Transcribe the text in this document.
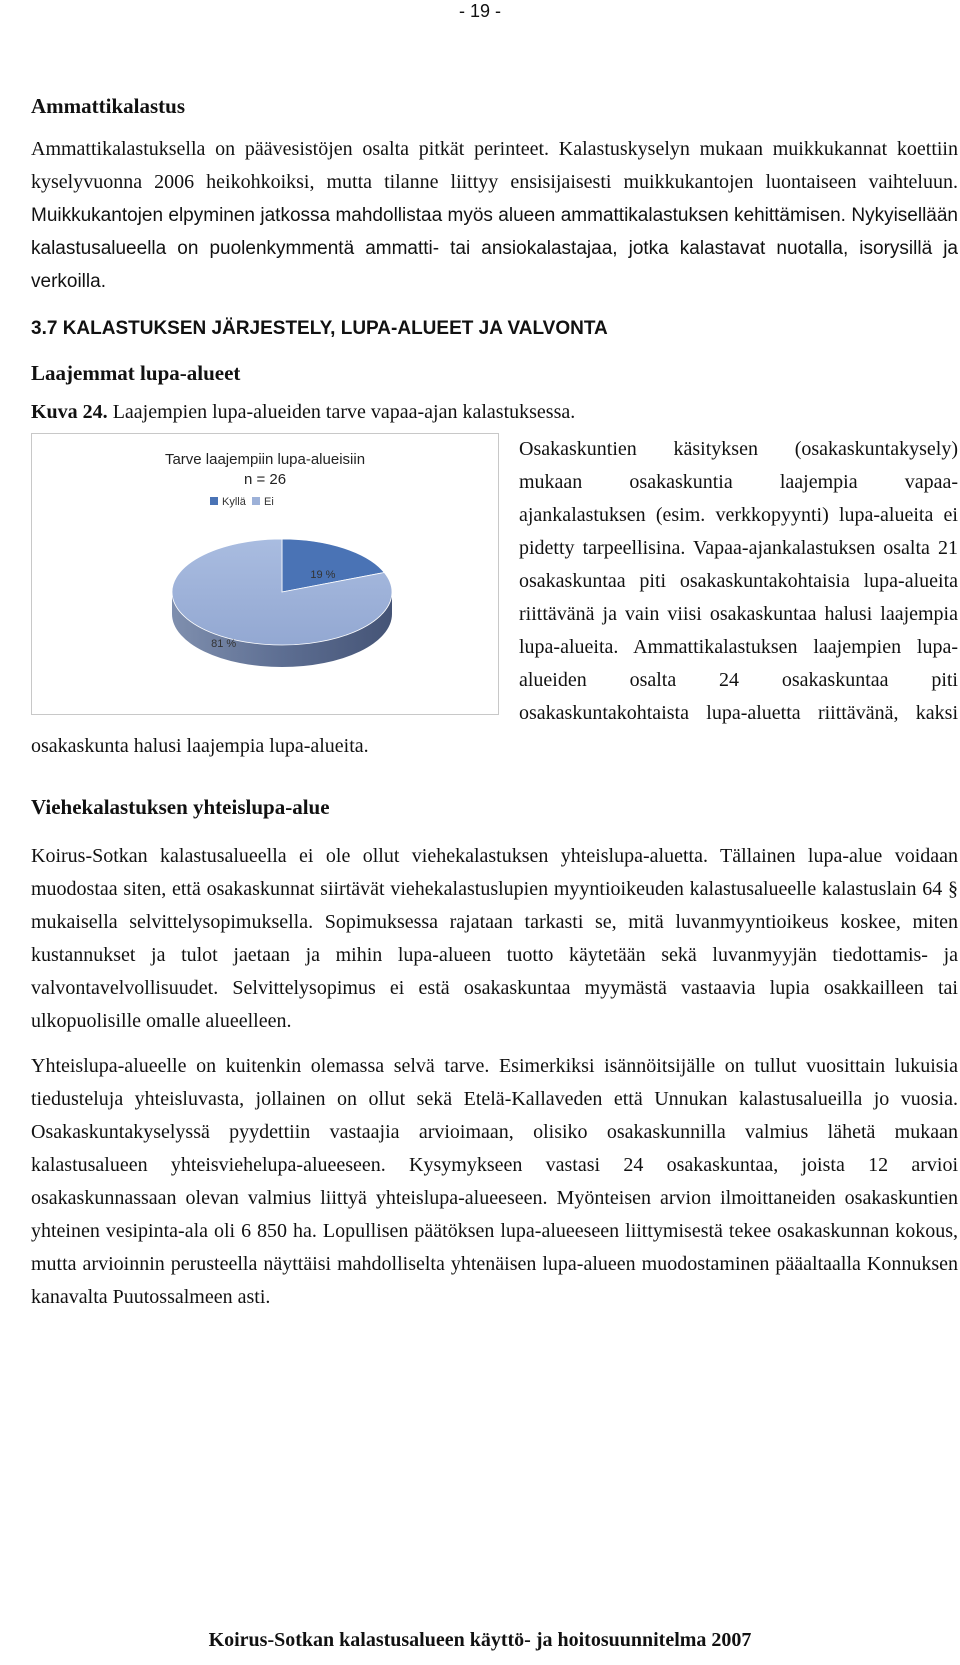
- 19 -
Ammattikalastus

Ammattikalastuksella on päävesistöjen osalta pitkät perinteet. Kalastuskyselyn mukaan muikkukannat koettiin kyselyvuonna 2006 heikohkoiksi, mutta tilanne liittyy ensisijaisesti muikkukantojen luontaiseen vaihteluun. Muikkukantojen elpyminen jatkossa mahdollistaa myös alueen ammattikalastuksen kehittämisen. Nykyisellään kalastusalueella on puolenkymmentä ammatti- tai ansiokalastajaa, jotka kalastavat nuotalla, isorysillä ja verkoilla.

3.7 KALASTUKSEN JÄRJESTELY, LUPA-ALUEET JA VALVONTA
Laajemmat lupa-alueet

Kuva 24. Laajempien lupa-alueiden tarve vapaa-ajan kalastuksessa.

Tarve laajempiin lupa-alueisiin
n = 26
Kyllä Ei
19 %
81 %

Osakaskuntien käsityksen (osakaskuntakysely) mukaan osakaskuntia laajempia vapaa-ajankalastuksen (esim. verkkopyynti) lupa-alueita ei pidetty tarpeellisina. Vapaa-ajankalastuksen osalta 21 osakaskuntaa piti osakaskuntakohtaisia lupa-alueita riittävänä ja vain viisi osakaskuntaa halusi laajempia lupa-alueita. Ammattikalastuksen laajempien lupa-alueiden osalta 24 osakaskuntaa piti osakaskuntakohtaista lupa-aluetta riittävänä, kaksi osakaskunta halusi laajempia lupa-alueita.

Viehekalastuksen yhteislupa-alue

Koirus-Sotkan kalastusalueella ei ole ollut viehekalastuksen yhteislupa-aluetta. Tällainen lupa-alue voidaan muodostaa siten, että osakaskunnat siirtävät viehekalastuslupien myyntioikeuden kalastusalueelle kalastuslain 64 § mukaisella selvittelysopimuksella. Sopimuksessa rajataan tarkasti se, mitä luvanmyyntioikeus koskee, miten kustannukset ja tulot jaetaan ja mihin lupa-alueen tuotto käytetään sekä luvanmyyjän tiedottamis- ja valvontavelvollisuudet. Selvittelysopimus ei estä osakaskuntaa myymästä vastaavia lupia osakkailleen tai ulkopuolisille omalle alueelleen.

Yhteislupa-alueelle on kuitenkin olemassa selvä tarve. Esimerkiksi isännöitsijälle on tullut vuosittain lukuisia tiedusteluja yhteisluvasta, jollainen on ollut sekä Etelä-Kallaveden että Unnukan kalastusalueilla jo vuosia. Osakaskuntakyselyssä pyydettiin vastaajia arvioimaan, olisiko osakaskunnilla valmius lähetä mukaan kalastusalueen yhteisviehelupa-alueeseen. Kysymykseen vastasi 24 osakaskuntaa, joista 12 arvioi osakaskunnassaan olevan valmius liittyä yhteislupa-alueeseen. Myönteisen arvion ilmoittaneiden osakaskuntien yhteinen vesipinta-ala oli 6 850 ha. Lopullisen päätöksen lupa-alueeseen liittymisestä tekee osakaskunnan kokous, mutta arvioinnin perusteella näyttäisi mahdolliselta yhtenäisen lupa-alueen muodostaminen pääaltaalla Konnuksen kanavalta Puutossalmeen asti.

Koirus-Sotkan kalastusalueen käyttö- ja hoitosuunnitelma 2007
